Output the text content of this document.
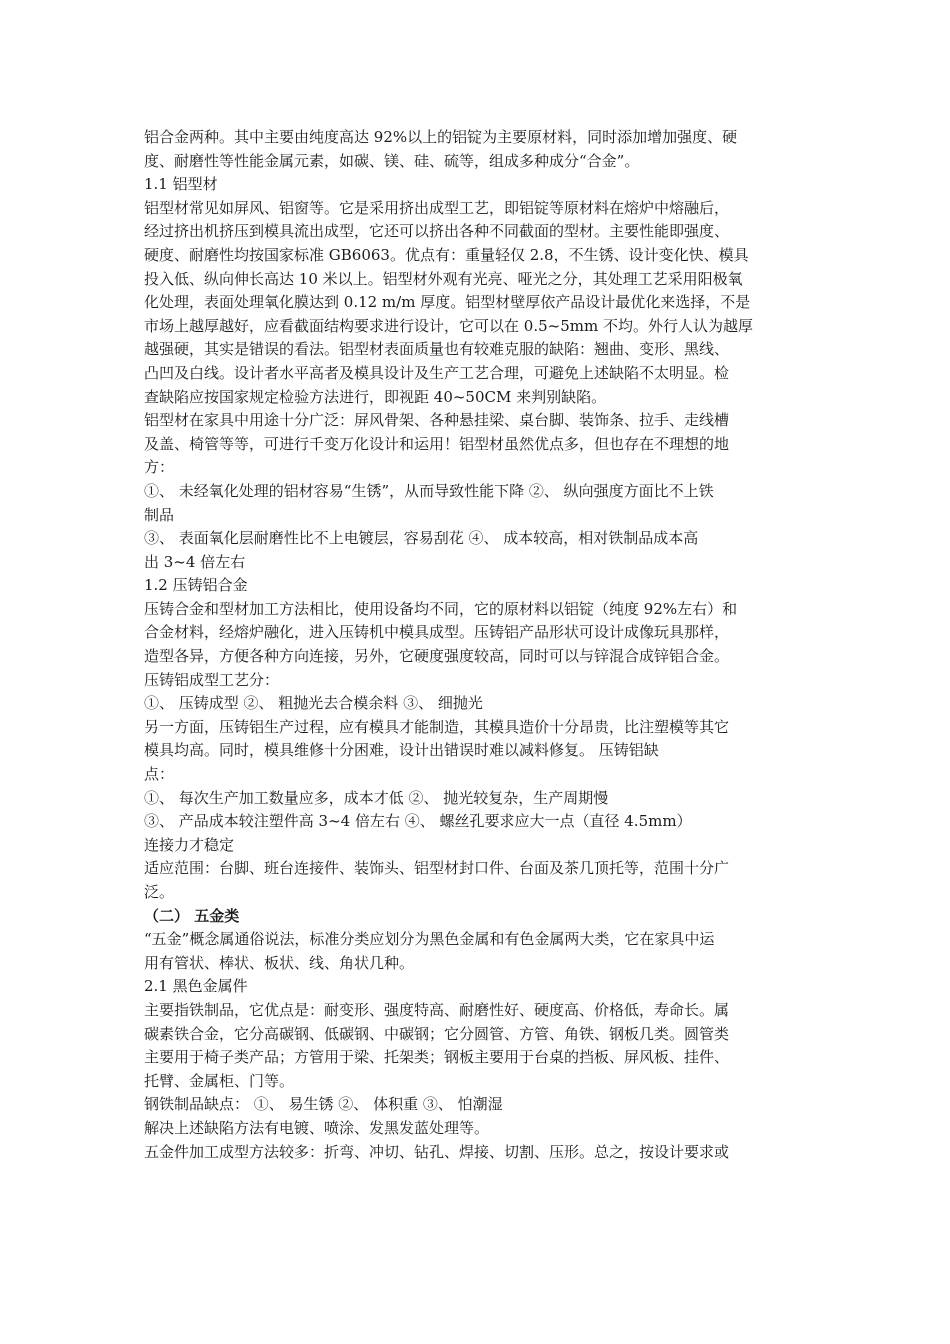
铝合金两种。其中主要由纯度高达 92%以上的铝锭为主要原材料，同时添加增加强度、硬
度、耐磨性等性能金属元素，如碳、镁、硅、硫等，组成多种成分“合金”。
1.1 铝型材
铝型材常见如屏风、铝窗等。它是采用挤出成型工艺，即铝锭等原材料在熔炉中熔融后，
经过挤出机挤压到模具流出成型，它还可以挤出各种不同截面的型材。主要性能即强度、
硬度、耐磨性均按国家标准 GB6063。优点有：重量轻仅 2.8，不生锈、设计变化快、模具
投入低、纵向伸长高达 10 米以上。铝型材外观有光亮、哑光之分，其处理工艺采用阳极氧
化处理，表面处理氧化膜达到 0.12 m/m 厚度。铝型材壁厚依产品设计最优化来选择，不是
市场上越厚越好，应看截面结构要求进行设计，它可以在 0.5~5mm 不均。外行人认为越厚
越强硬，其实是错误的看法。铝型材表面质量也有较难克服的缺陷：翘曲、变形、黑线、
凸凹及白线。设计者水平高者及模具设计及生产工艺合理，可避免上述缺陷不太明显。检
查缺陷应按国家规定检验方法进行，即视距 40~50CM 来判别缺陷。
铝型材在家具中用途十分广泛：屏风骨架、各种悬挂梁、桌台脚、装饰条、拉手、走线槽
及盖、椅管等等，可进行千变万化设计和运用！铝型材虽然优点多，但也存在不理想的地
方：
①、 未经氧化处理的铝材容易“生锈”，从而导致性能下降 ②、 纵向强度方面比不上铁
制品
③、 表面氧化层耐磨性比不上电镀层，容易刮花 ④、 成本较高，相对铁制品成本高
出 3~4 倍左右
1.2 压铸铝合金
压铸合金和型材加工方法相比，使用设备均不同，它的原材料以铝锭（纯度 92%左右）和
合金材料，经熔炉融化，进入压铸机中模具成型。压铸铝产品形状可设计成像玩具那样，
造型各异，方便各种方向连接，另外，它硬度强度较高，同时可以与锌混合成锌铝合金。
压铸铝成型工艺分：
①、 压铸成型 ②、 粗抛光去合模余料 ③、 细抛光
另一方面，压铸铝生产过程，应有模具才能制造，其模具造价十分昂贵，比注塑模等其它
模具均高。同时，模具维修十分困难，设计出错误时难以减料修复。 压铸铝缺
点：
①、 每次生产加工数量应多，成本才低 ②、 抛光较复杂，生产周期慢
③、 产品成本较注塑件高 3~4 倍左右 ④、 螺丝孔要求应大一点（直径 4.5mm）
连接力才稳定
适应范围：台脚、班台连接件、装饰头、铝型材封口件、台面及茶几顶托等，范围十分广
泛。
（二） 五金类
“五金”概念属通俗说法，标准分类应划分为黑色金属和有色金属两大类，它在家具中运
用有管状、棒状、板状、线、角状几种。
2.1 黑色金属件
主要指铁制品，它优点是：耐变形、强度特高、耐磨性好、硬度高、价格低，寿命长。属
碳素铁合金，它分高碳钢、低碳钢、中碳钢；它分圆管、方管、角铁、钢板几类。圆管类
主要用于椅子类产品；方管用于梁、托架类；钢板主要用于台桌的挡板、屏风板、挂件、
托臂、金属柜、门等。
钢铁制品缺点： ①、 易生锈 ②、 体积重 ③、 怕潮湿
解决上述缺陷方法有电镀、喷涂、发黑发蓝处理等。
五金件加工成型方法较多：折弯、冲切、钻孔、焊接、切割、压形。总之，按设计要求或
